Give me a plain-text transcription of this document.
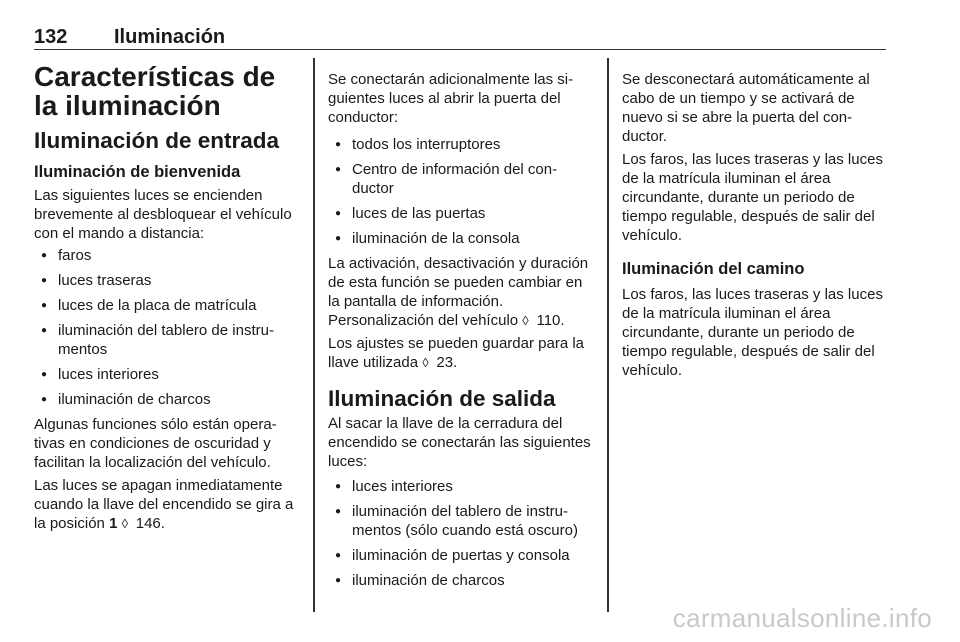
132 Iluminación
Características de la iluminación
Iluminación de entrada
Iluminación de bienvenida

Las siguientes luces se encienden brevemente al desbloquear el vehículo con el mando a distancia:

● faros
● luces traseras
● luces de la placa de matrícula
● iluminación del tablero de instrumentos
● luces interiores
● iluminación de charcos

Algunas funciones sólo están operativas en condiciones de oscuridad y facilitan la localización del vehículo.

Las luces se apagan inmediatamente cuando la llave del encendido se gira a la posición 1 ◊ 146.

Se conectarán adicionalmente las siguientes luces al abrir la puerta del conductor:

● todos los interruptores
● Centro de información del conductor
● luces de las puertas
● iluminación de la consola

La activación, desactivación y duración de esta función se pueden cambiar en la pantalla de información. Personalización del vehículo ◊ 110.

Los ajustes se pueden guardar para la llave utilizada ◊ 23.

Iluminación de salida

Al sacar la llave de la cerradura del encendido se conectarán las siguientes luces:

● luces interiores
● iluminación del tablero de instrumentos (sólo cuando está oscuro)
● iluminación de puertas y consola
● iluminación de charcos

Se desconectará automáticamente al cabo de un tiempo y se activará de nuevo si se abre la puerta del conductor.

Los faros, las luces traseras y las luces de la matrícula iluminan el área circundante, durante un periodo de tiempo regulable, después de salir del vehículo.

Iluminación del camino

Los faros, las luces traseras y las luces de la matrícula iluminan el área circundante, durante un periodo de tiempo regulable, después de salir del vehículo.

carmanualsonline.info
